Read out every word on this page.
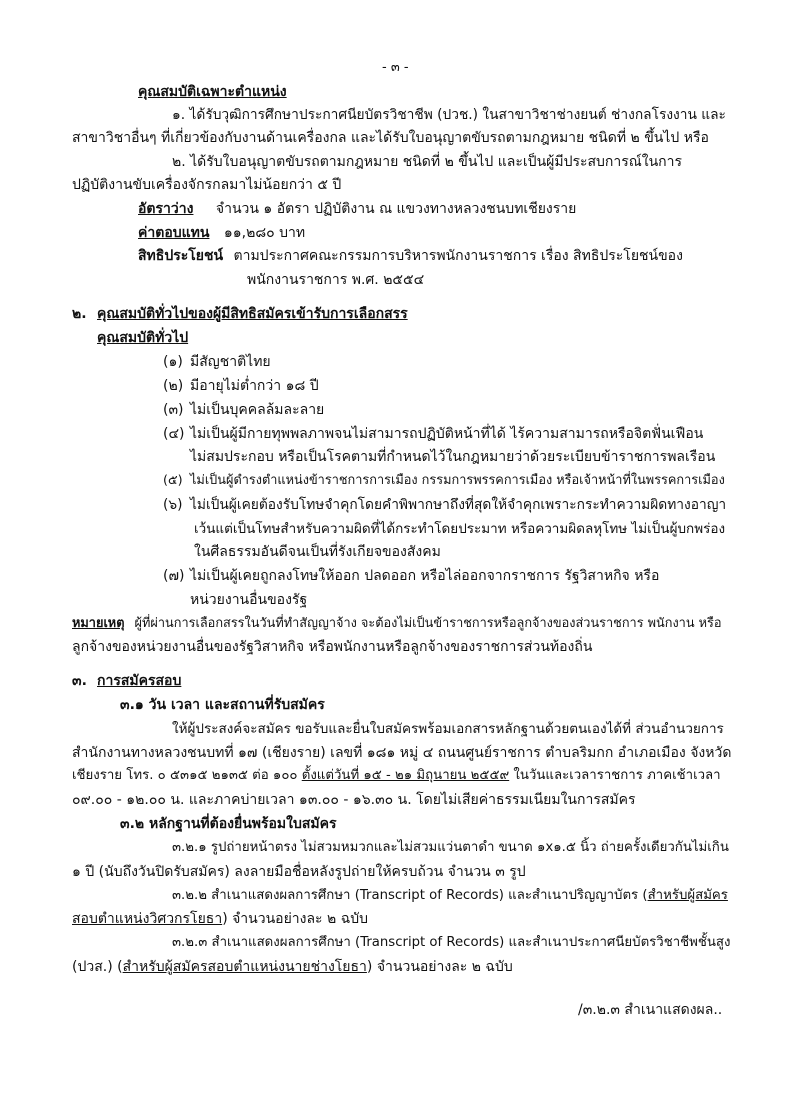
- ๓ -
คุณสมบัติเฉพาะตำแหน่ง
๑. ได้รับวุฒิการศึกษาประกาศนียบัตรวิชาชีพ (ปวช.) ในสาขาวิชาช่างยนต์ ช่างกลโรงงาน และ
สาขาวิชาอื่นๆ ที่เกี่ยวข้องกับงานด้านเครื่องกล และได้รับใบอนุญาตขับรถตามกฎหมาย ชนิดที่ ๒ ขึ้นไป หรือ
๒. ได้รับใบอนุญาตขับรถตามกฎหมาย ชนิดที่ ๒ ขึ้นไป และเป็นผู้มีประสบการณ์ในการ
ปฏิบัติงานขับเครื่องจักรกลมาไม่น้อยกว่า ๕ ปี
อัตราว่าง จำนวน ๑ อัตรา ปฏิบัติงาน ณ แขวงทางหลวงชนบทเชียงราย
ค่าตอบแทน ๑๑,๒๘๐ บาท
สิทธิประโยชน์ ตามประกาศคณะกรรมการบริหารพนักงานราชการ เรื่อง สิทธิประโยชน์ของ
พนักงานราชการ พ.ศ. ๒๕๕๔
๒. คุณสมบัติทั่วไปของผู้มีสิทธิสมัครเข้ารับการเลือกสรร
คุณสมบัติทั่วไป
(๑) มีสัญชาติไทย
(๒) มีอายุไม่ต่ำกว่า ๑๘ ปี
(๓) ไม่เป็นบุคคลล้มละลาย
(๔) ไม่เป็นผู้มีกายทุพพลภาพจนไม่สามารถปฏิบัติหน้าที่ได้ ไร้ความสามารถหรือจิตฟั่นเฟือน
ไม่สมประกอบ หรือเป็นโรคตามที่กำหนดไว้ในกฎหมายว่าด้วยระเบียบข้าราชการพลเรือน
(๕) ไม่เป็นผู้ดำรงตำแหน่งข้าราชการการเมือง กรรมการพรรคการเมือง หรือเจ้าหน้าที่ในพรรคการเมือง
(๖) ไม่เป็นผู้เคยต้องรับโทษจำคุกโดยคำพิพากษาถึงที่สุดให้จำคุกเพราะกระทำความผิดทางอาญา
เว้นแต่เป็นโทษสำหรับความผิดที่ได้กระทำโดยประมาท หรือความผิดลหุโทษ ไม่เป็นผู้บกพร่อง
ในศีลธรรมอันดีจนเป็นที่รังเกียจของสังคม
(๗) ไม่เป็นผู้เคยถูกลงโทษให้ออก ปลดออก หรือไล่ออกจากราชการ รัฐวิสาหกิจ หรือ
หน่วยงานอื่นของรัฐ
หมายเหตุ ผู้ที่ผ่านการเลือกสรรในวันที่ทำสัญญาจ้าง จะต้องไม่เป็นข้าราชการหรือลูกจ้างของส่วนราชการ พนักงาน หรือ
ลูกจ้างของหน่วยงานอื่นของรัฐวิสาหกิจ หรือพนักงานหรือลูกจ้างของราชการส่วนท้องถิ่น
๓. การสมัครสอบ
๓.๑ วัน เวลา และสถานที่รับสมัคร
ให้ผู้ประสงค์จะสมัคร ขอรับและยื่นใบสมัครพร้อมเอกสารหลักฐานด้วยตนเองได้ที่ ส่วนอำนวยการ
สำนักงานทางหลวงชนบทที่ ๑๗ (เชียงราย) เลขที่ ๑๘๑ หมู่ ๔ ถนนศูนย์ราชการ ตำบลริมกก อำเภอเมือง จังหวัด
เชียงราย โทร. ๐ ๕๓๑๕ ๒๑๓๕ ต่อ ๑๐๐ ตั้งแต่วันที่ ๑๕ - ๒๑ มิถุนายน ๒๕๕๙ ในวันและเวลาราชการ ภาคเช้าเวลา
๐๙.๐๐ - ๑๒.๐๐ น. และภาคบ่ายเวลา ๑๓.๐๐ - ๑๖.๓๐ น. โดยไม่เสียค่าธรรมเนียมในการสมัคร
๓.๒ หลักฐานที่ต้องยื่นพร้อมใบสมัคร
๓.๒.๑ รูปถ่ายหน้าตรง ไม่สวมหมวกและไม่สวมแว่นตาดำ ขนาด ๑x๑.๕ นิ้ว ถ่ายครั้งเดียวกันไม่เกิน
๑ ปี (นับถึงวันปิดรับสมัคร) ลงลายมือชื่อหลังรูปถ่ายให้ครบถ้วน จำนวน ๓ รูป
๓.๒.๒ สำเนาแสดงผลการศึกษา (Transcript of Records) และสำเนาปริญญาบัตร (สำหรับผู้สมัคร
สอบตำแหน่งวิศวกรโยธา) จำนวนอย่างละ ๒ ฉบับ
๓.๒.๓ สำเนาแสดงผลการศึกษา (Transcript of Records) และสำเนาประกาศนียบัตรวิชาชีพชั้นสูง
(ปวส.) (สำหรับผู้สมัครสอบตำแหน่งนายช่างโยธา) จำนวนอย่างละ ๒ ฉบับ
/๓.๒.๓ สำเนาแสดงผล..
